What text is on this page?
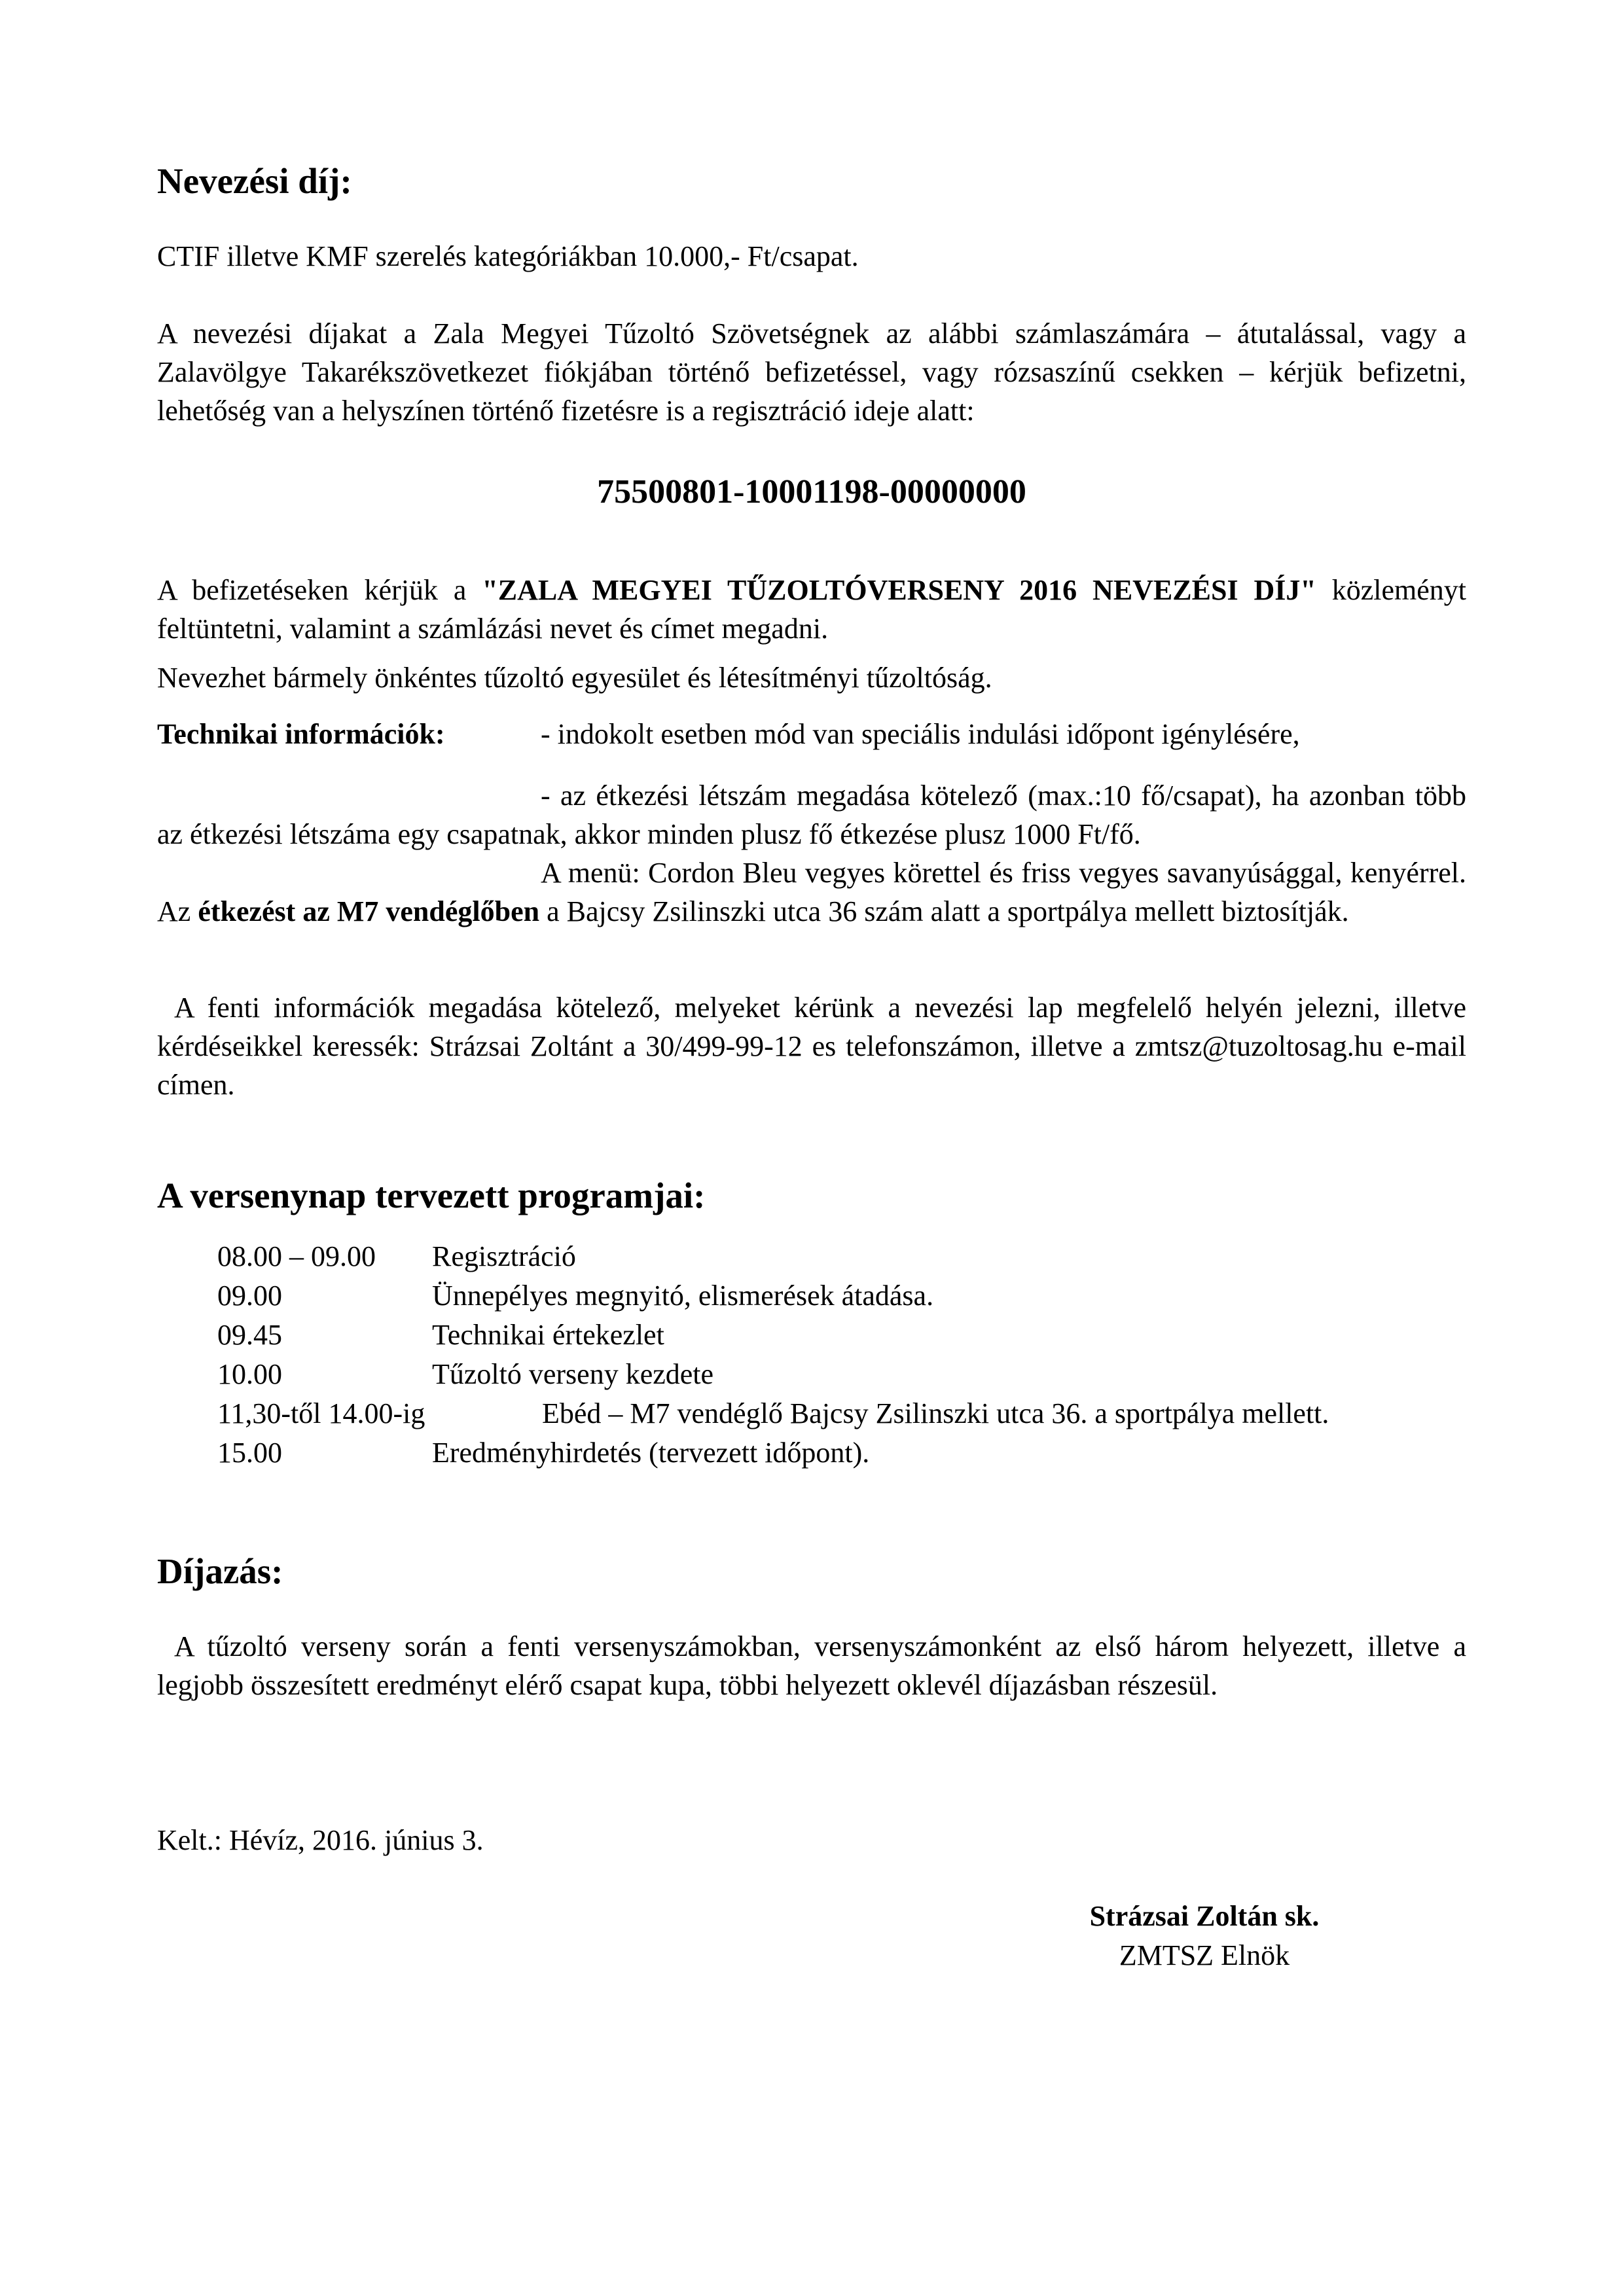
Nevezési díj:

CTIF illetve KMF szerelés kategóriákban 10.000,- Ft/csapat.

A nevezési díjakat a Zala Megyei Tűzoltó Szövetségnek az alábbi számlaszámára – átutalással, vagy a Zalavölgye Takarékszövetkezet fiókjában történő befizetéssel, vagy rózsaszínű csekken – kérjük befizetni, lehetőség van a helyszínen történő fizetésre is a regisztráció ideje alatt:

75500801-10001198-00000000

A befizetéseken kérjük a "ZALA MEGYEI TŰZOLTÓVERSENY 2016 NEVEZÉSI DÍJ" közleményt feltüntetni, valamint a számlázási nevet és címet megadni.

Nevezhet bármely önkéntes tűzoltó egyesület és létesítményi tűzoltóság.

Technikai információk:	- indokolt esetben mód van speciális indulási időpont igénylésére,

- az étkezési létszám megadása kötelező (max.:10 fő/csapat), ha azonban több az étkezési létszáma egy csapatnak, akkor minden plusz fő étkezése plusz 1000 Ft/fő.

A menü: Cordon Bleu vegyes körettel és friss vegyes savanyúsággal, kenyérrel. Az étkezést az M7 vendéglőben a Bajcsy Zsilinszki utca 36 szám alatt a sportpálya mellett biztosítják.

A fenti információk megadása kötelező, melyeket kérünk a nevezési lap megfelelő helyén jelezni, illetve kérdéseikkel keressék: Strázsai Zoltánt a 30/499-99-12 es telefonszámon, illetve a zmtsz@tuzoltosag.hu e-mail címen.

A versenynap tervezett programjai:
08.00 – 09.00 Regisztráció
09.00	Ünnepélyes megnyitó, elismerések átadása.
09.45	Technikai értekezlet
10.00	Tűzoltó verseny kezdete
11,30-től 14.00-ig	Ebéd – M7 vendéglő Bajcsy Zsilinszki utca 36. a sportpálya mellett.
15.00	Eredményhirdetés (tervezett időpont).
Díjazás:

A tűzoltó verseny során a fenti versenyszámokban, versenyszámonként az első három helyezett, illetve a legjobb összesített eredményt elérő csapat kupa, többi helyezett oklevél díjazásban részesül.

Kelt.: Hévíz, 2016. június 3.

Strázsai Zoltán sk.

ZMTSZ Elnök
